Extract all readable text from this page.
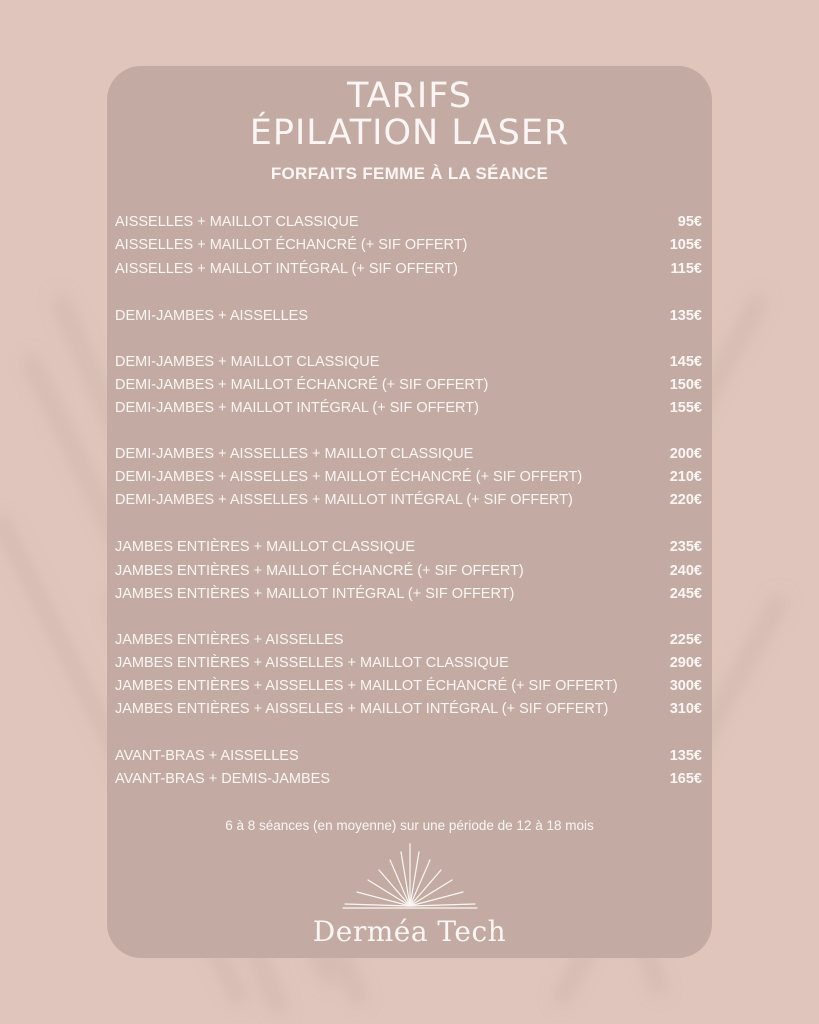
TARIFS
ÉPILATION LASER
FORFAITS FEMME À LA SÉANCE
AISSELLES + MAILLOT CLASSIQUE	95€
AISSELLES + MAILLOT ÉCHANCRÉ (+ SIF OFFERT)	105€
AISSELLES + MAILLOT INTÉGRAL (+ SIF OFFERT)	115€
DEMI-JAMBES + AISSELLES	135€
DEMI-JAMBES + MAILLOT CLASSIQUE	145€
DEMI-JAMBES + MAILLOT ÉCHANCRÉ (+ SIF OFFERT)	150€
DEMI-JAMBES + MAILLOT INTÉGRAL (+ SIF OFFERT)	155€
DEMI-JAMBES + AISSELLES + MAILLOT CLASSIQUE	200€
DEMI-JAMBES + AISSELLES + MAILLOT ÉCHANCRÉ (+ SIF OFFERT)	210€
DEMI-JAMBES + AISSELLES + MAILLOT INTÉGRAL (+ SIF OFFERT)	220€
JAMBES ENTIÈRES + MAILLOT CLASSIQUE	235€
JAMBES ENTIÈRES + MAILLOT ÉCHANCRÉ (+ SIF OFFERT)	240€
JAMBES ENTIÈRES + MAILLOT INTÉGRAL (+ SIF OFFERT)	245€
JAMBES ENTIÈRES + AISSELLES	225€
JAMBES ENTIÈRES + AISSELLES + MAILLOT CLASSIQUE	290€
JAMBES ENTIÈRES + AISSELLES + MAILLOT ÉCHANCRÉ (+ SIF OFFERT)	300€
JAMBES ENTIÈRES + AISSELLES + MAILLOT INTÉGRAL (+ SIF OFFERT)	310€
AVANT-BRAS + AISSELLES	135€
AVANT-BRAS + DEMIS-JAMBES	165€
6 à 8 séances (en moyenne) sur une période de 12 à 18 mois
Derméa Tech
